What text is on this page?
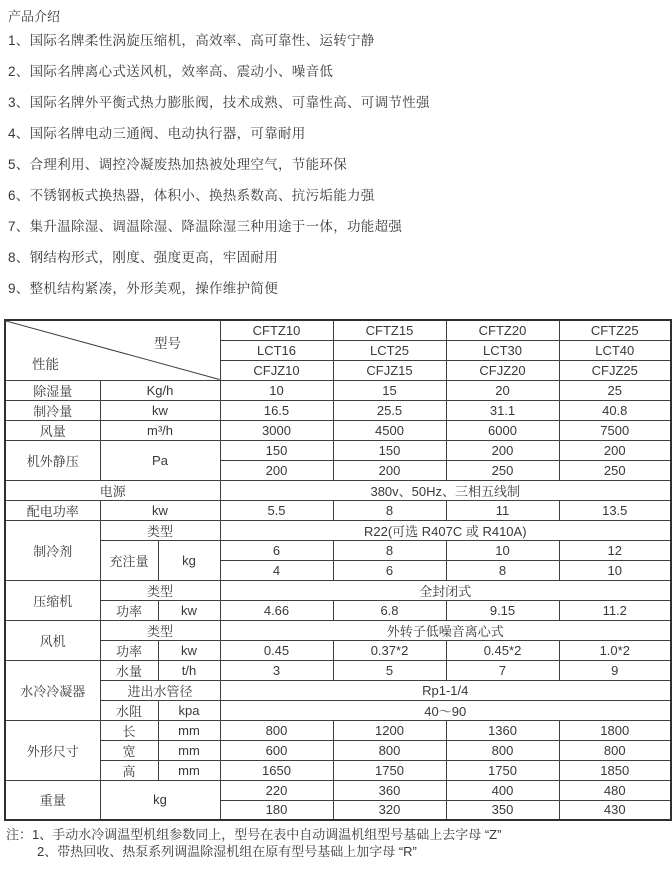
产品介绍
1、国际名牌柔性涡旋压缩机，高效率、高可靠性、运转宁静
2、国际名牌离心式送风机，效率高、震动小、噪音低
3、国际名牌外平衡式热力膨胀阀，技术成熟、可靠性高、可调节性强
4、国际名牌电动三通阀、电动执行器，可靠耐用
5、合理利用、调控冷凝废热加热被处理空气，节能环保
6、不锈钢板式换热器，体积小、换热系数高、抗污垢能力强
7、集升温除湿、调温除湿、降温除湿三种用途于一体，功能超强
8、钢结构形式，刚度、强度更高，牢固耐用
9、整机结构紧凑，外形美观，操作维护简便
型号
性能			CFTZ10	CFTZ15	CFTZ20	CFTZ25
			LCT16	LCT25	LCT30	LCT40
			CFJZ10	CFJZ15	CFJZ20	CFJZ25
除湿量	Kg/h		10	15	20	25
制冷量	kw		16.5	25.5	31.1	40.8
风量	m³/h		3000	4500	6000	7500
机外静压	Pa		150	150	200	200
			200	200	250	250
电源			380v、50Hz、三相五线制			
配电功率	kw		5.5	8	11	13.5
制冷剂	类型		R22(可选 R407C 或 R410A)			
	充注量	kg	6	8	10	12
			4	6	8	10
压缩机	类型		全封闭式			
	功率	kw	4.66	6.8	9.15	11.2
风机	类型		外转子低噪音离心式			
	功率	kw	0.45	0.37*2	0.45*2	1.0*2
水冷冷凝器	水量	t/h	3	5	7	9
	进出水管径		Rp1-1/4			
	水阻	kpa	40～90			
外形尺寸	长	mm	800	1200	1360	1800
	宽	mm	600	800	800	800
	高	mm	1650	1750	1750	1850
重量	kg		220	360	400	480
			180	320	350	430
注：1、手动水冷调温型机组参数同上，型号在表中自动调温机组型号基础上去字母 “Z”
2、带热回收、热泵系列调温除湿机组在原有型号基础上加字母 “R”
